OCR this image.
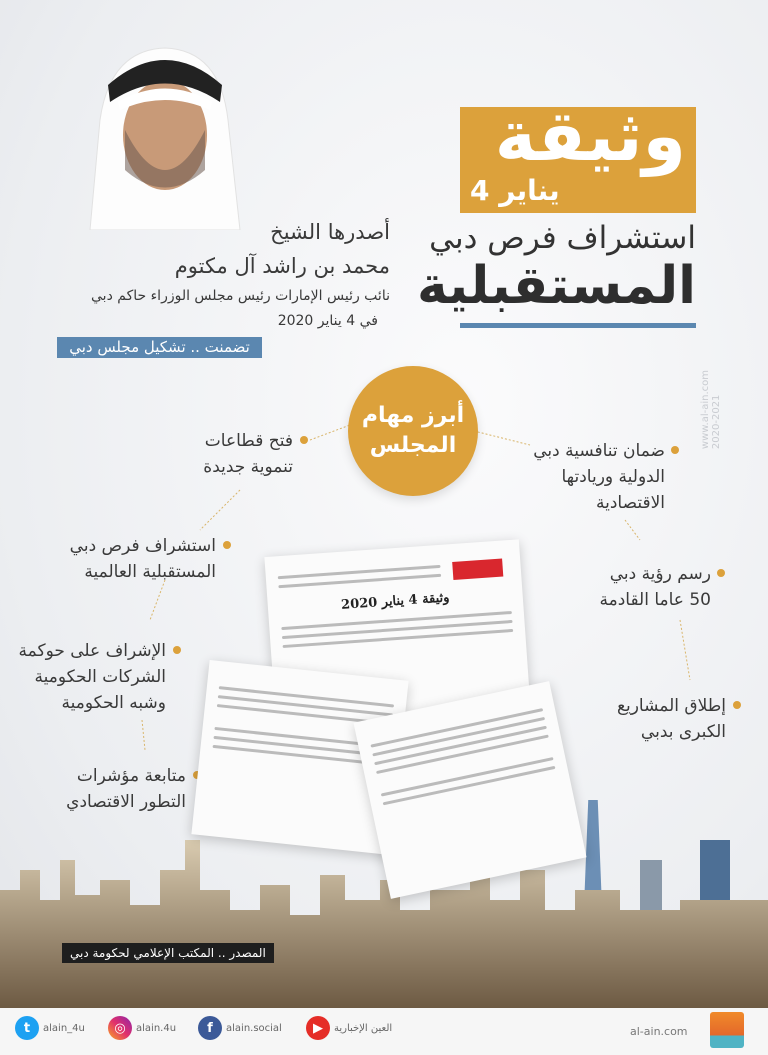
وثيقة
4 يناير
استشراف فرص دبي
المستقبلية
أصدرها الشيخ
محمد بن راشد آل مكتوم
نائب رئيس الإمارات رئيس مجلس الوزراء حاكم دبي
في 4 يناير 2020
تضمنت .. تشكيل مجلس دبي
www.al-ain.com
2020-2021
أبرز مهام
المجلس
فتح قطاعات
تنموية جديدة
استشراف فرص دبي
المستقبلية العالمية
الإشراف على حوكمة
الشركات الحكومية
وشبه الحكومية
متابعة مؤشرات
التطور الاقتصادي
ضمان تنافسية دبي
الدولية وريادتها
الاقتصادية
رسم رؤية دبي
50 عاما القادمة
إطلاق المشاريع
الكبرى بدبي
وثيقة 4 يناير 2020
المصدر .. المكتب الإعلامي لحكومة دبي
t	alain_4u	◎	alain.4u	f	alain.social	▶	العين الإخبارية	al-ain.com
